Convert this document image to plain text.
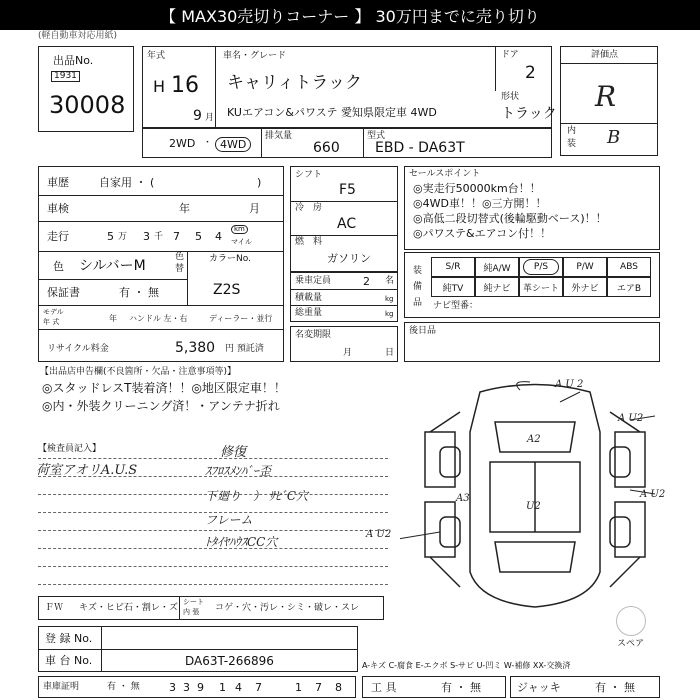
【 MAX30売切りコーナー 】 30万円までに売り切り
(軽自動車対応用紙)
出品No.
1931
30008
年式
H 16
9 月
車名・グレード
キャリィトラック
KUエアコン&パワステ 愛知県限定車 4WD
ドア
2
形状
トラック
2WD ・ 4WD
排気量
660
型式
EBD - DA63T
評価点
R
内
装 B
車歴	自家用 ・ (	)
車検	年	月
走行	5 万 3 千 7 5 4
km
マイル
色 シルバーM
色
替
カラーNo.
Z2S
保証書	有 ・ 無
モデル
年 式	年 ハンドル 左・右	ディーラー・並行
リサイクル料金	5,380 円 預託済
シフト
F5
冷 房
AC
燃 料
ガソリン
乗車定員	2 名
積載量	kg
総重量	kg
名変期限
月	日
セールスポイント
◎実走行50000km台！！
◎4WD車！！◎三方開！！
◎高低二段切替式(後輪駆動ベース)！！
◎パワステ&エアコン付！！
装
備
品
S/R	純A/W	P/S	P/W	ABS
純TV	純ナビ	革シート	外ナビ	エアB
ナビ型番：
後日品
【出品店申告欄(不良箇所・欠品・注意事項等)】
◎スタッドレスT装着済！！◎地区限定車！！
◎内・外装クリーニング済！・アンテナ折れ
【検査員記入】
荷室アオリA.U.S
修復
ｽﾌﾛｽﾒﾝﾊﾞｰ歪
下廻り　） ｻﾋﾞC穴
フレーム
ﾄﾀｲﾔﾊｳｽCC穴
A U 2
A U2
A U2
A U2
A2
A3
U2
ＦＷ キズ・ヒビ石・割レ・ズ
シート
内 張 コゲ・穴・汚レ・シミ・破レ・スレ
スペア
登 録 No.
車 台 No.	DA63T-266896	A-キズ C-腐食 E-エクボ S-サビ U-凹ミ W-補修 XX-交換済
車庫証明	有 ・ 無	3 3 9 1 4 7	1 7 8	工 具	有 ・ 無	ジャッキ	有 ・ 無
